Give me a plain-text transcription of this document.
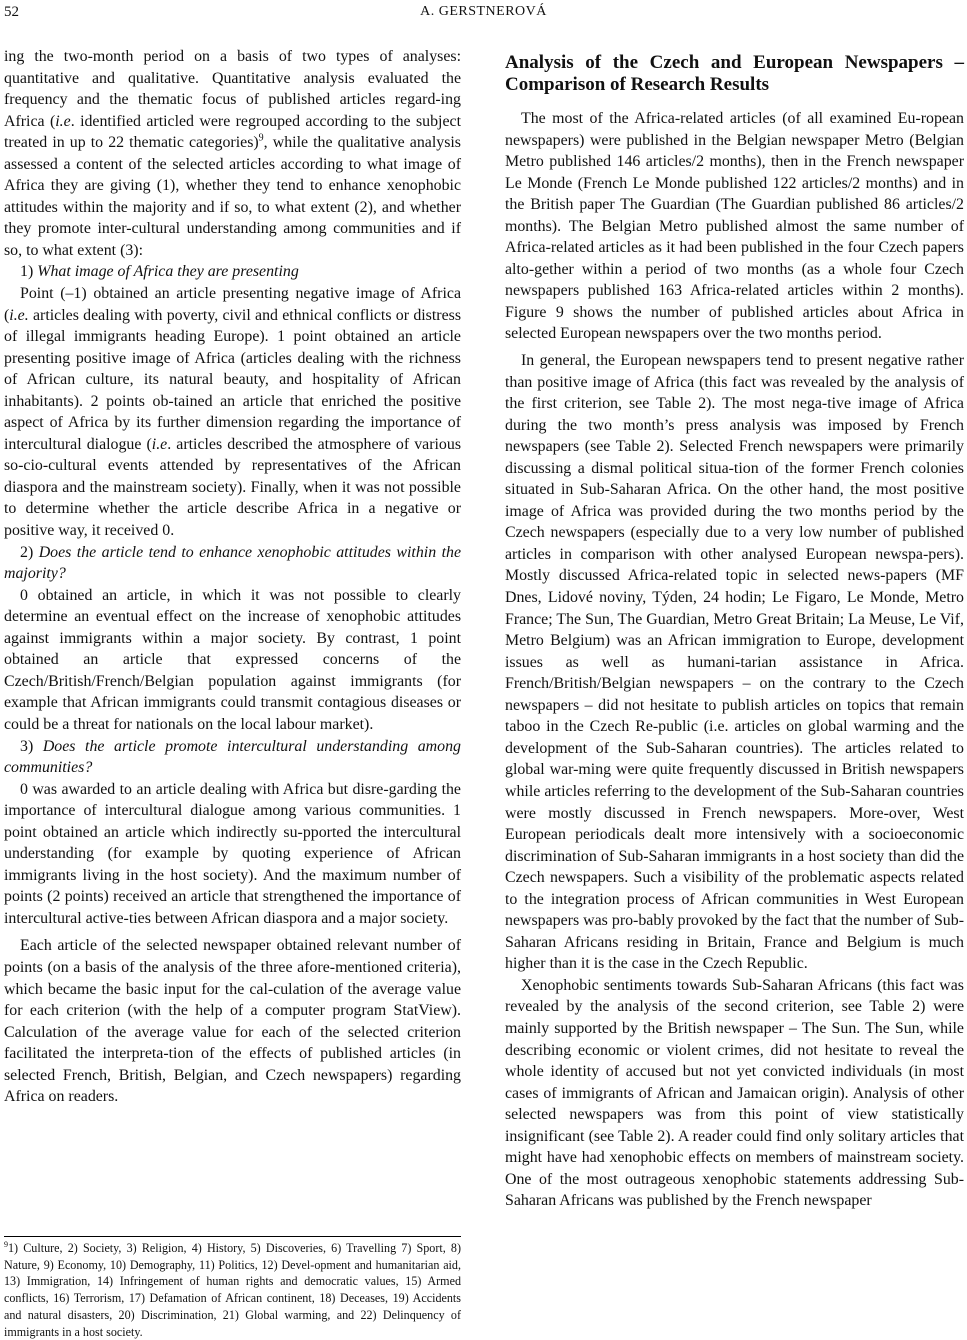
52	A. GERSTNEROVÁ

ing the two-month period on a basis of two types of analyses: quantitative and qualitative. Quantitative analysis evaluated the frequency and the thematic focus of published articles regard-ing Africa (i.e. identified articled were regrouped according to the subject treated in up to 22 thematic categories)$^9$, while the qualitative analysis assessed a content of the selected articles according to what image of Africa they are giving (1), whether they tend to enhance xenophobic attitudes within the majority and if so, to what extent (2), and whether they promote inter-cultural understanding among communities and if so, to what extent (3):

1) What image of Africa they are presenting

Point (–1) obtained an article presenting negative image of Africa (i.e. articles dealing with poverty, civil and ethnical conflicts or distress of illegal immigrants heading Europe). 1 point obtained an article presenting positive image of Africa (articles dealing with the richness of African culture, its natural beauty, and hospitality of African inhabitants). 2 points ob-tained an article that enriched the positive aspect of Africa by its further dimension regarding the importance of intercultural dialogue (i.e. articles described the atmosphere of various so-cio-cultural events attended by representatives of the African diaspora and the mainstream society). Finally, when it was not possible to determine whether the article describe Africa in a negative or positive way, it received 0.

2) Does the article tend to enhance xenophobic attitudes within the majority?

0 obtained an article, in which it was not possible to clearly determine an eventual effect on the increase of xenophobic attitudes against immigrants within a major society. By contrast, 1 point obtained an article that expressed concerns of the Czech/British/French/Belgian population against immigrants (for example that African immigrants could transmit contagious diseases or could be a threat for nationals on the local labour market).

3) Does the article promote intercultural understanding among communities?

0 was awarded to an article dealing with Africa but disre-garding the importance of intercultural dialogue among various communities. 1 point obtained an article which indirectly su-pported the intercultural understanding (for example by quoting experience of African immigrants living in the host society). And the maximum number of points (2 points) received an article that strengthened the importance of intercultural active-ties between African diaspora and a major society.

Each article of the selected newspaper obtained relevant number of points (on a basis of the analysis of the three afore-mentioned criteria), which became the basic input for the cal-culation of the average value for each criterion (with the help of a computer program StatView). Calculation of the average value for each of the selected criterion facilitated the interpreta-tion of the effects of published articles (in selected French, British, Belgian, and Czech newspapers) regarding Africa on readers.

$^9$1) Culture, 2) Society, 3) Religion, 4) History, 5) Discoveries, 6) Travelling 7) Sport, 8) Nature, 9) Economy, 10) Demography, 11) Politics, 12) Devel-opment and humanitarian aid, 13) Immigration, 14) Infringement of human rights and democratic values, 15) Armed conflicts, 16) Terrorism, 17) Defamation of African continent, 18) Deceases, 19) Accidents and natural disasters, 20) Discrimination, 21) Global warming, and 22) Delinquency of immigrants in a host society.
Analysis of the Czech and European Newspapers – Comparison of Research Results

The most of the Africa-related articles (of all examined Eu-ropean newspapers) were published in the Belgian newspaper Metro (Belgian Metro published 146 articles/2 months), then in the French newspaper Le Monde (French Le Monde published 122 articles/2 months) and in the British paper The Guardian (The Guardian published 86 articles/2 months). The Belgian Metro published almost the same number of Africa-related articles as it had been published in the four Czech papers alto-gether within a period of two months (as a whole four Czech newspapers published 163 Africa-related articles within 2 months). Figure 9 shows the number of published articles about Africa in selected European newspapers over the two months period.

In general, the European newspapers tend to present negative rather than positive image of Africa (this fact was revealed by the analysis of the first criterion, see Table 2). The most nega-tive image of Africa during the two month’s press analysis was imposed by French newspapers (see Table 2). Selected French newspapers were primarily discussing a dismal political situa-tion of the former French colonies situated in Sub-Saharan Africa. On the other hand, the most positive image of Africa was provided during the two months period by the Czech newspapers (especially due to a very low number of published articles in comparison with other analysed European newspa-pers). Mostly discussed Africa-related topic in selected news-papers (MF Dnes, Lidové noviny, Týden, 24 hodin; Le Figaro, Le Monde, Metro France; The Sun, The Guardian, Metro Great Britain; La Meuse, Le Vif, Metro Belgium) was an African immigration to Europe, development issues as well as humani-tarian assistance in Africa. French/British/Belgian newspapers – on the contrary to the Czech newspapers – did not hesitate to publish articles on topics that remain taboo in the Czech Re-public (i.e. articles on global warming and the development of the Sub-Saharan countries). The articles related to global war-ming were quite frequently discussed in British newspapers while articles referring to the development of the Sub-Saharan countries were mostly discussed in French newspapers. More-over, West European periodicals dealt more intensively with a socioeconomic discrimination of Sub-Saharan immigrants in a host society than did the Czech newspapers. Such a visibility of the problematic aspects related to the integration process of African communities in West European newspapers was pro-bably provoked by the fact that the number of Sub-Saharan Africans residing in Britain, France and Belgium is much higher than it is the case in the Czech Republic.

Xenophobic sentiments towards Sub-Saharan Africans (this fact was revealed by the analysis of the second criterion, see Table 2) were mainly supported by the British newspaper – The Sun. The Sun, while describing economic or violent crimes, did not hesitate to reveal the whole identity of accused but not yet convicted individuals (in most cases of immigrants of African and Jamaican origin). Analysis of other selected newspapers was from this point of view statistically insignificant (see Table 2). A reader could find only solitary articles that might have had xenophobic effects on members of mainstream society. One of the most outrageous xenophobic statements addressing Sub-Saharan Africans was published by the French newspaper
